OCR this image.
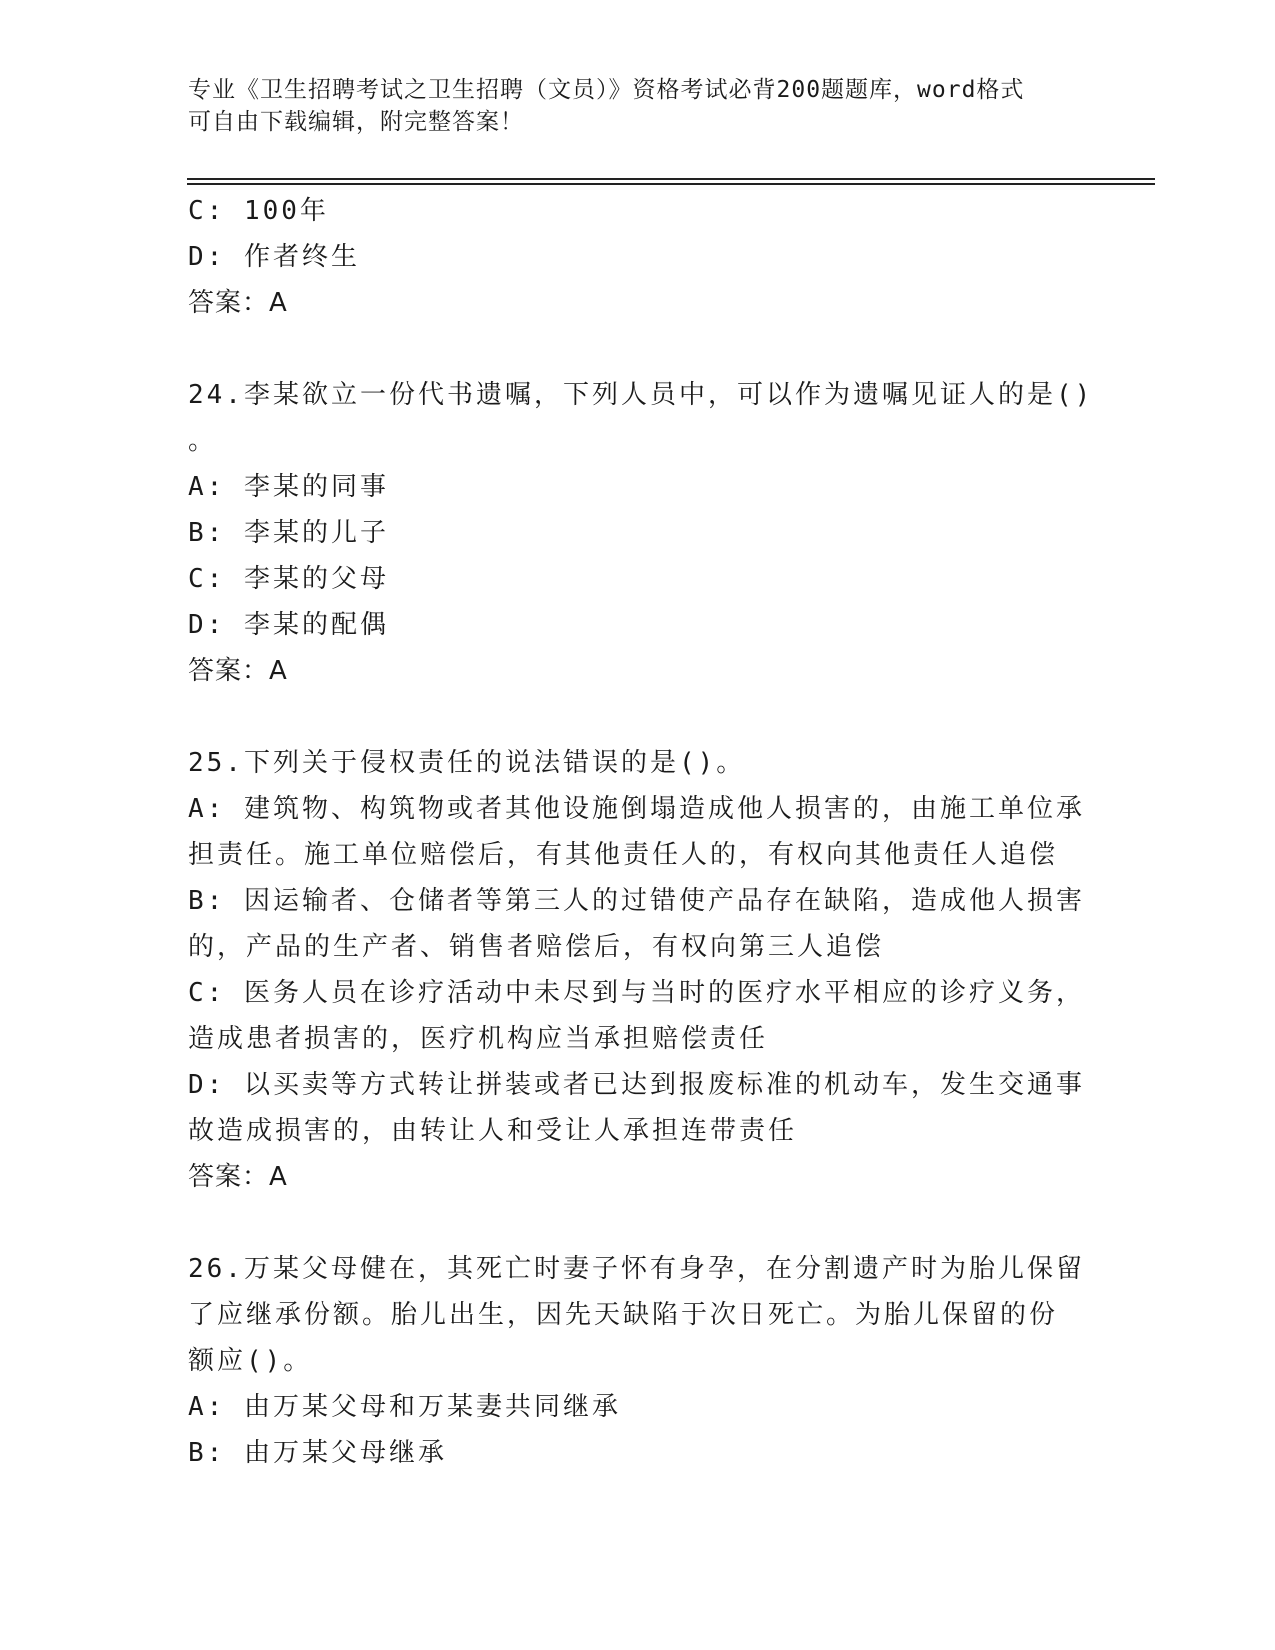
专业《卫生招聘考试之卫生招聘（文员）》资格考试必背200题题库，word格式
可自由下载编辑，附完整答案！
C: 100年
D: 作者终生
答案：A
24.李某欲立一份代书遗嘱，下列人员中，可以作为遗嘱见证人的是()
。
A: 李某的同事
B: 李某的儿子
C: 李某的父母
D: 李某的配偶
答案：A
25.下列关于侵权责任的说法错误的是()。
A: 建筑物、构筑物或者其他设施倒塌造成他人损害的，由施工单位承
担责任。施工单位赔偿后，有其他责任人的，有权向其他责任人追偿
B: 因运输者、仓储者等第三人的过错使产品存在缺陷，造成他人损害
的，产品的生产者、销售者赔偿后，有权向第三人追偿
C: 医务人员在诊疗活动中未尽到与当时的医疗水平相应的诊疗义务，
造成患者损害的，医疗机构应当承担赔偿责任
D: 以买卖等方式转让拼装或者已达到报废标准的机动车，发生交通事
故造成损害的，由转让人和受让人承担连带责任
答案：A
26.万某父母健在，其死亡时妻子怀有身孕，在分割遗产时为胎儿保留
了应继承份额。胎儿出生，因先天缺陷于次日死亡。为胎儿保留的份
额应()。
A: 由万某父母和万某妻共同继承
B: 由万某父母继承
